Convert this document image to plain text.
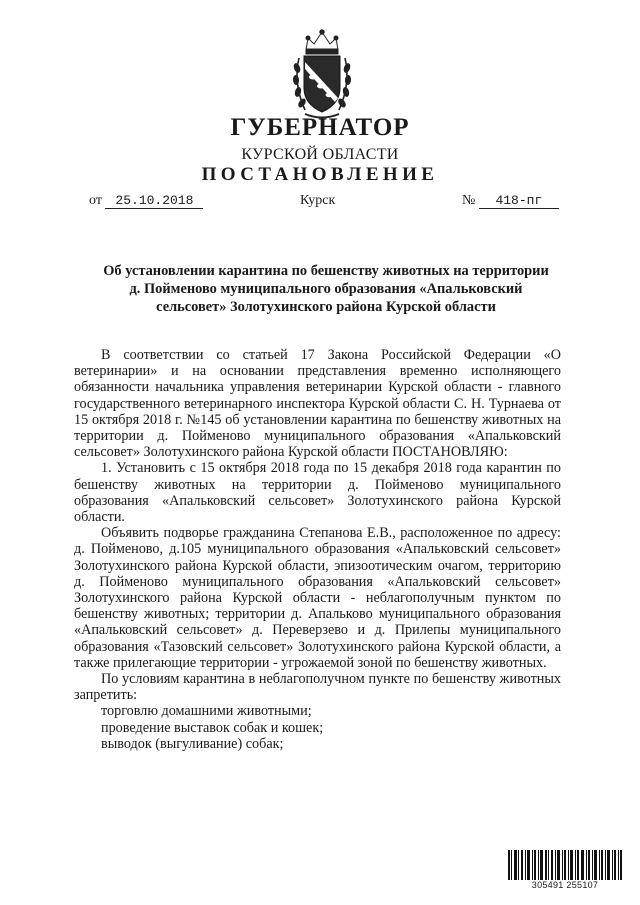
ГУБЕРНАТОР
КУРСКОЙ ОБЛАСТИ
ПОСТАНОВЛЕНИЕ
от 25.10.2018	Курск	№ 418-пг
Об установлении карантина по бешенству животных на территории
д. Пойменово муниципального образования «Апальковский
сельсовет» Золотухинского района Курской области

В соответствии со статьей 17 Закона Российской Федерации «О ветеринарии» и на основании представления временно исполняющего обязанности начальника управления ветеринарии Курской области - главного государственного ветеринарного инспектора Курской области С. Н. Турнаева от 15 октября 2018 г. №145 об установлении карантина по бешенству животных на территории д. Пойменово муниципального образования «Апальковский сельсовет» Золотухинского района Курской области ПОСТАНОВЛЯЮ:

1. Установить с 15 октября 2018 года по 15 декабря 2018 года карантин по бешенству животных на территории д. Пойменово муниципального образования «Апальковский сельсовет» Золотухинского района Курской области.

Объявить подворье гражданина Степанова Е.В., расположенное по адресу: д. Пойменово, д.105 муниципального образования «Апальковский сельсовет» Золотухинского района Курской области, эпизоотическим очагом, территорию д. Пойменово муниципального образования «Апальковский сельсовет» Золотухинского района Курской области - неблагополучным пунктом по бешенству животных; территории д. Апальково муниципального образования «Апальковский сельсовет» д. Переверзево и д. Прилепы муниципального образования «Тазовский сельсовет» Золотухинского района Курской области, а также прилегающие территории - угрожаемой зоной по бешенству животных.

По условиям карантина в неблагополучном пункте по бешенству животных запретить:

торговлю домашними животными;

проведение выставок собак и кошек;

выводок (выгуливание) собак;

305491 255107
